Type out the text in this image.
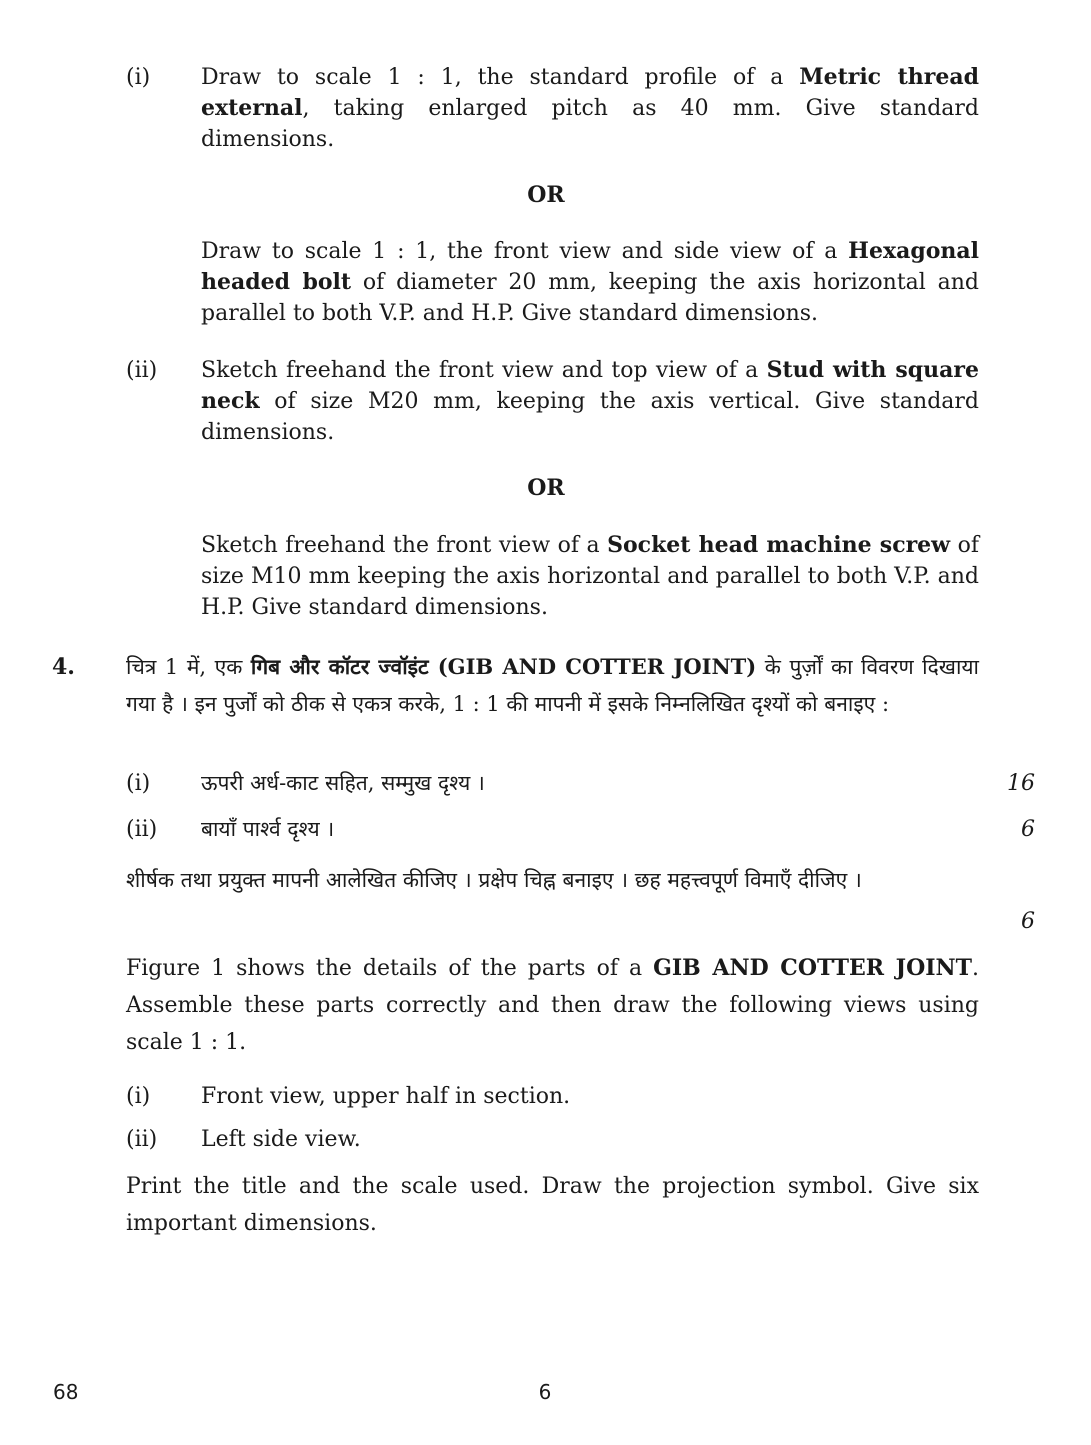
(i) Draw to scale 1 : 1, the standard profile of a Metric thread external, taking enlarged pitch as 40 mm. Give standard dimensions.
OR
Draw to scale 1 : 1, the front view and side view of a Hexagonal headed bolt of diameter 20 mm, keeping the axis horizontal and parallel to both V.P. and H.P. Give standard dimensions.
(ii) Sketch freehand the front view and top view of a Stud with square neck of size M20 mm, keeping the axis vertical. Give standard dimensions.
OR
Sketch freehand the front view of a Socket head machine screw of size M10 mm keeping the axis horizontal and parallel to both V.P. and H.P. Give standard dimensions.
4. चित्र 1 में, एक गिब और कॉटर ज्वॉइंट (GIB AND COTTER JOINT) के पुर्ज़ों का विवरण दिखाया गया है । इन पुर्जों को ठीक से एकत्र करके, 1 : 1 की मापनी में इसके निम्नलिखित दृश्यों को बनाइए :
(i) ऊपरी अर्ध-काट सहित, सम्मुख दृश्य ।	16
(ii) बायाँ पार्श्व दृश्य ।	6
शीर्षक तथा प्रयुक्त मापनी आलेखित कीजिए । प्रक्षेप चिह्न बनाइए । छह महत्त्वपूर्ण विमाएँ दीजिए ।
6
Figure 1 shows the details of the parts of a GIB AND COTTER JOINT. Assemble these parts correctly and then draw the following views using scale 1 : 1.
(i) Front view, upper half in section.
(ii) Left side view.
Print the title and the scale used. Draw the projection symbol. Give six important dimensions.
68	6
